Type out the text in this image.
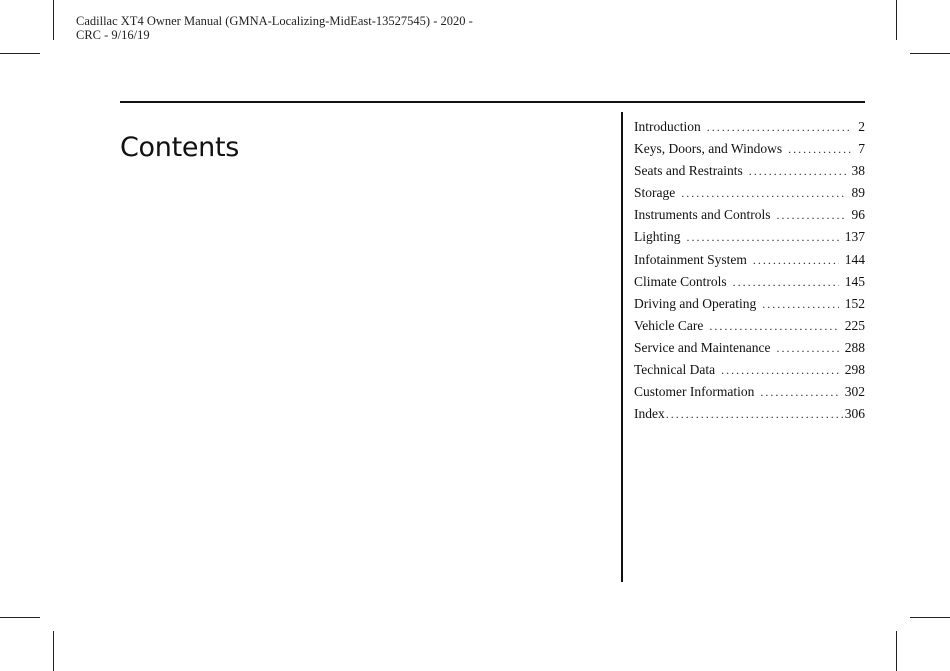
Cadillac XT4 Owner Manual (GMNA-Localizing-MidEast-13527545) - 2020 -
CRC - 9/16/19
Contents
Introduction . . .	2
Keys, Doors, and Windows . . .	7
Seats and Restraints . . .	38
Storage . . .	89
Instruments and Controls . . .	96
Lighting . . .	137
Infotainment System . . .	144
Climate Controls . . .	145
Driving and Operating . . .	152
Vehicle Care . . .	225
Service and Maintenance . . .	288
Technical Data . . .	298
Customer Information . . .	302
Index . . .	306
